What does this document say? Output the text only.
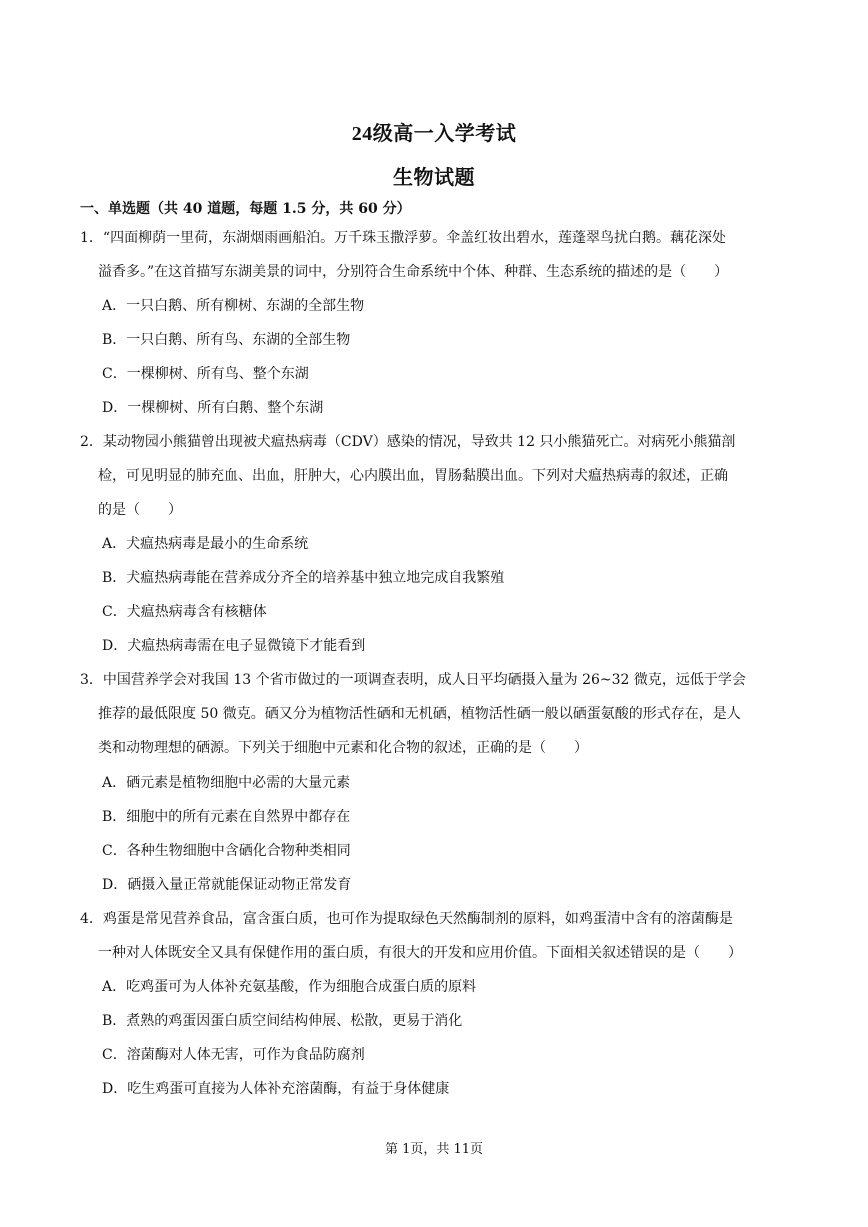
24级高一入学考试
生物试题
一、单选题（共 40 道题，每题 1.5 分，共 60 分）
1．“四面柳荫一里荷，东湖烟雨画船泊。万千珠玉撒浮萝。伞盖红妆出碧水，莲蓬翠鸟扰白鹅。藕花深处
溢香多。”在这首描写东湖美景的词中，分别符合生命系统中个体、种群、生态系统的描述的是（　　）
A．一只白鹅、所有柳树、东湖的全部生物
B．一只白鹅、所有鸟、东湖的全部生物
C．一棵柳树、所有鸟、整个东湖
D．一棵柳树、所有白鹅、整个东湖
2．某动物园小熊猫曾出现被犬瘟热病毒（CDV）感染的情况，导致共 12 只小熊猫死亡。对病死小熊猫剖
检，可见明显的肺充血、出血，肝肿大，心内膜出血，胃肠黏膜出血。下列对犬瘟热病毒的叙述，正确
的是（　　）
A．犬瘟热病毒是最小的生命系统
B．犬瘟热病毒能在营养成分齐全的培养基中独立地完成自我繁殖
C．犬瘟热病毒含有核糖体
D．犬瘟热病毒需在电子显微镜下才能看到
3．中国营养学会对我国 13 个省市做过的一项调查表明，成人日平均硒摄入量为 26~32 微克，远低于学会
推荐的最低限度 50 微克。硒又分为植物活性硒和无机硒，植物活性硒一般以硒蛋氨酸的形式存在，是人
类和动物理想的硒源。下列关于细胞中元素和化合物的叙述，正确的是（　　）
A．硒元素是植物细胞中必需的大量元素
B．细胞中的所有元素在自然界中都存在
C．各种生物细胞中含硒化合物种类相同
D．硒摄入量正常就能保证动物正常发育
4．鸡蛋是常见营养食品，富含蛋白质，也可作为提取绿色天然酶制剂的原料，如鸡蛋清中含有的溶菌酶是
一种对人体既安全又具有保健作用的蛋白质，有很大的开发和应用价值。下面相关叙述错误的是（　　）
A．吃鸡蛋可为人体补充氨基酸，作为细胞合成蛋白质的原料
B．煮熟的鸡蛋因蛋白质空间结构伸展、松散，更易于消化
C．溶菌酶对人体无害，可作为食品防腐剂
D．吃生鸡蛋可直接为人体补充溶菌酶，有益于身体健康
第 1页，共 11页
